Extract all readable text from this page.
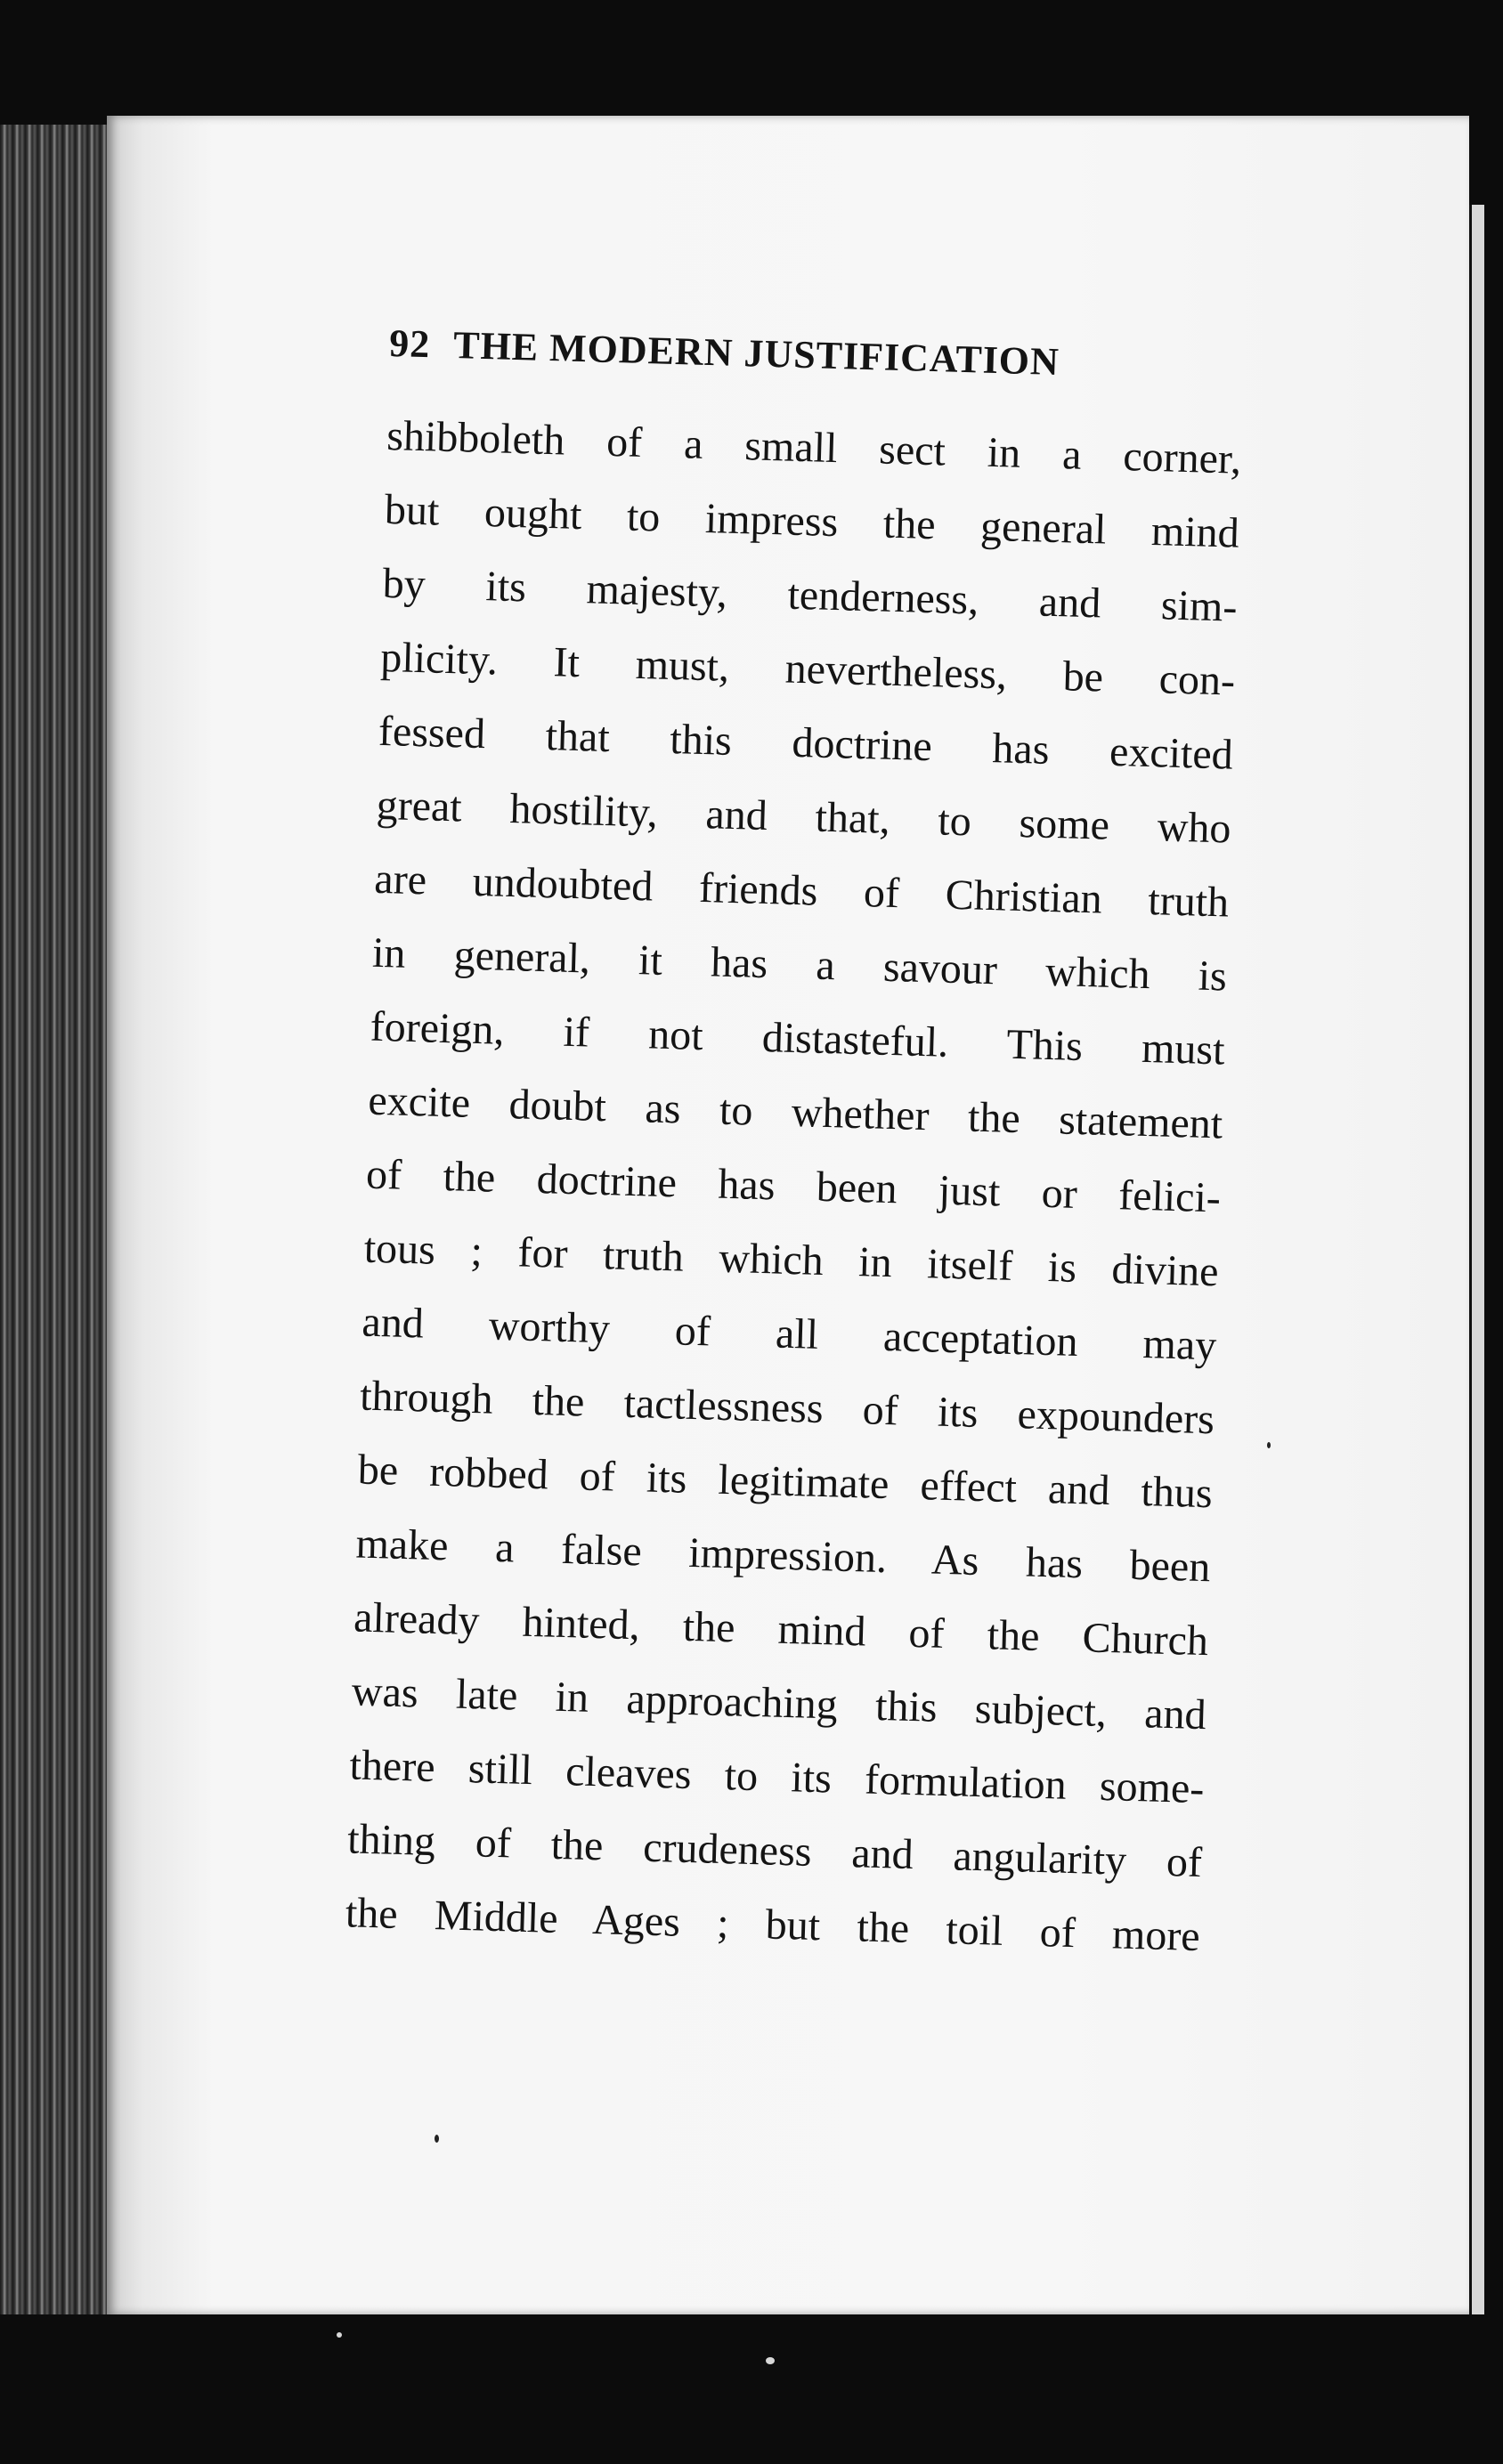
92 THE MODERN JUSTIFICATION
shibboleth of a small sect in a corner,
but ought to impress the general mind
by its majesty, tenderness, and sim-
plicity. It must, nevertheless, be con-
fessed that this doctrine has excited
great hostility, and that, to some who
are undoubted friends of Christian truth
in general, it has a savour which is
foreign, if not distasteful. This must
excite doubt as to whether the statement
of the doctrine has been just or felici-
tous ; for truth which in itself is divine
and worthy of all acceptation may
through the tactlessness of its expounders
be robbed of its legitimate effect and thus
make a false impression. As has been
already hinted, the mind of the Church
was late in approaching this subject, and
there still cleaves to its formulation some-
thing of the crudeness and angularity of
the Middle Ages ; but the toil of more
